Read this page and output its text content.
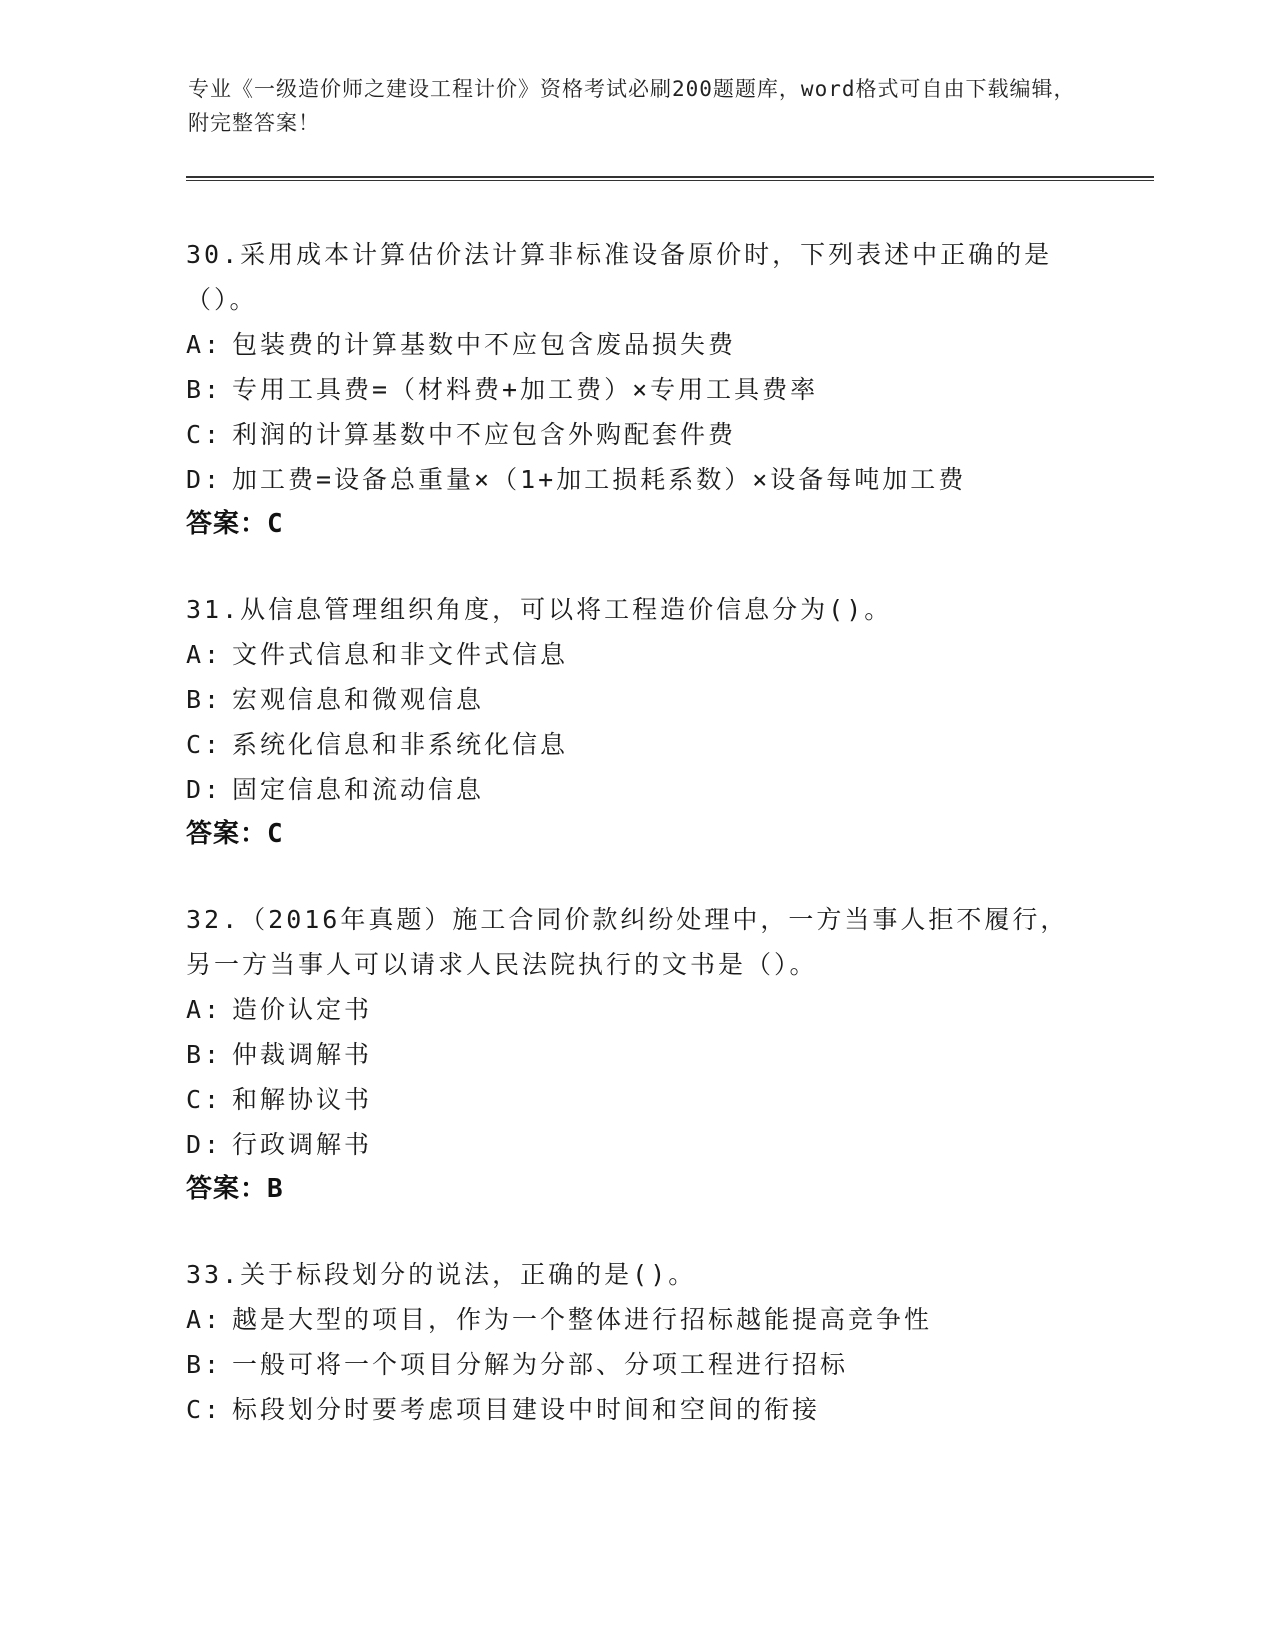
专业《一级造价师之建设工程计价》资格考试必刷200题题库，word格式可自由下载编辑，附完整答案！

30.采用成本计算估价法计算非标准设备原价时，下列表述中正确的是（）。

A: 包装费的计算基数中不应包含废品损失费

B: 专用工具费=（材料费+加工费）×专用工具费率

C: 利润的计算基数中不应包含外购配套件费

D: 加工费=设备总重量×（1+加工损耗系数）×设备每吨加工费

答案：C

31.从信息管理组织角度，可以将工程造价信息分为()。

A: 文件式信息和非文件式信息

B: 宏观信息和微观信息

C: 系统化信息和非系统化信息

D: 固定信息和流动信息

答案：C

32.（2016年真题）施工合同价款纠纷处理中，一方当事人拒不履行，另一方当事人可以请求人民法院执行的文书是（）。

A: 造价认定书

B: 仲裁调解书

C: 和解协议书

D: 行政调解书

答案：B

33.关于标段划分的说法，正确的是()。

A: 越是大型的项目，作为一个整体进行招标越能提高竞争性

B: 一般可将一个项目分解为分部、分项工程进行招标

C: 标段划分时要考虑项目建设中时间和空间的衔接
